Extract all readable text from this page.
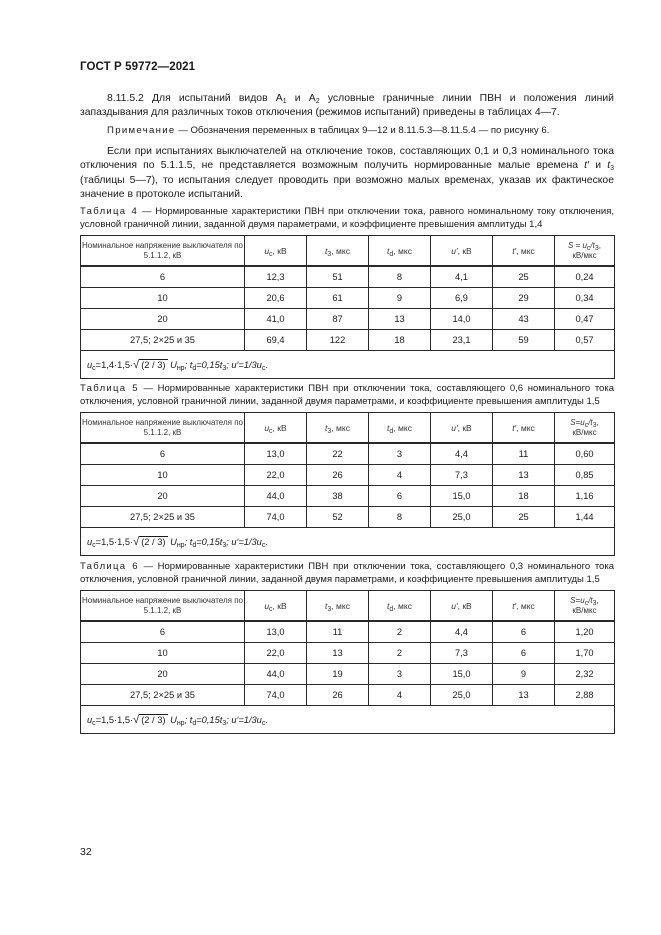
ГОСТ Р 59772—2021
8.11.5.2 Для испытаний видов $А_1$ и $А_2$ условные граничные линии ПВН и положения линий запаздывания для различных токов отключения (режимов испытаний) приведены в таблицах 4—7.
Примечание — Обозначения переменных в таблицах 9—12 и 8.11.5.3—8.11.5.4 — по рисунку 6.
Если при испытаниях выключателей на отключение токов, составляющих 0,1 и 0,3 номинального тока отключения по 5.1.1.5, не представляется возможным получить нормированные малые времена t′ и $t_3$ (таблицы 5—7), то испытания следует проводить при возможно малых временах, указав их фактическое значение в протоколе испытаний.
Таблица 4 — Нормированные характеристики ПВН при отключении тока, равного номинальному току отключения, условной граничной линии, заданной двумя параметрами, и коэффициенте превышения амплитуды 1,4
Номинальное напряжение выключателя по 5.1.1.2, кВ	$u_с$, кВ	$t_3$, мкс	$t_d$, мкс	u′, кВ	t′, мкс	$S = u_c/t_3$,
кВ/мкс
6	12,3	51	8	4,1	25	0,24
10	20,6	61	9	6,9	29	0,34
20	41,0	87	13	14,0	43	0,47
27,5; 2×25 и 35	69,4	122	18	23,1	59	0,57
$u_c=1,4\cdot 1,5\cdot√$ (2 / 3) $U_{нр}$; $t_d=0,15t_3$; $u'=1/3u_c$.						
Таблица 5 — Нормированные характеристики ПВН при отключении тока, составляющего 0,6 номинального тока отключения, условной граничной линии, заданной двумя параметрами, и коэффициенте превышения амплитуды 1,5
Номинальное напряжение выключателя по 5.1.1.2, кВ	$u_с$, кВ	$t_3$, мкс	$t_d$, мкс	u′, кВ	t′, мкс	$S=u_c/t_3$,
кВ/мкс
6	13,0	22	3	4,4	11	0,60
10	22,0	26	4	7,3	13	0,85
20	44,0	38	6	15,0	18	1,16
27,5; 2×25 и 35	74,0	52	8	25,0	25	1,44
$u_c=1,5\cdot 1,5\cdot√$ (2 / 3) $U_{нр}$; $t_d=0,15t_3$; $u'=1/3u_c$.						
Таблица 6 — Нормированные характеристики ПВН при отключении тока, составляющего 0,3 номинального тока отключения, условной граничной линии, заданной двумя параметрами, и коэффициенте превышения амплитуды 1,5
Номинальное напряжение выключателя по 5.1.1.2, кВ	$u_с$, кВ	$t_3$, мкс	$t_d$, мкс	u′, кВ	t′, мкс	$S=u_c/t_3$,
кВ/мкс
6	13,0	11	2	4,4	6	1,20
10	22,0	13	2	7,3	6	1,70
20	44,0	19	3	15,0	9	2,32
27,5; 2×25 и 35	74,0	26	4	25,0	13	2,88
$u_c=1,5\cdot 1,5\cdot√$ (2 / 3) $U_{нр}$; $t_d=0,15t_3$; $u'=1/3u_c$.						
32
